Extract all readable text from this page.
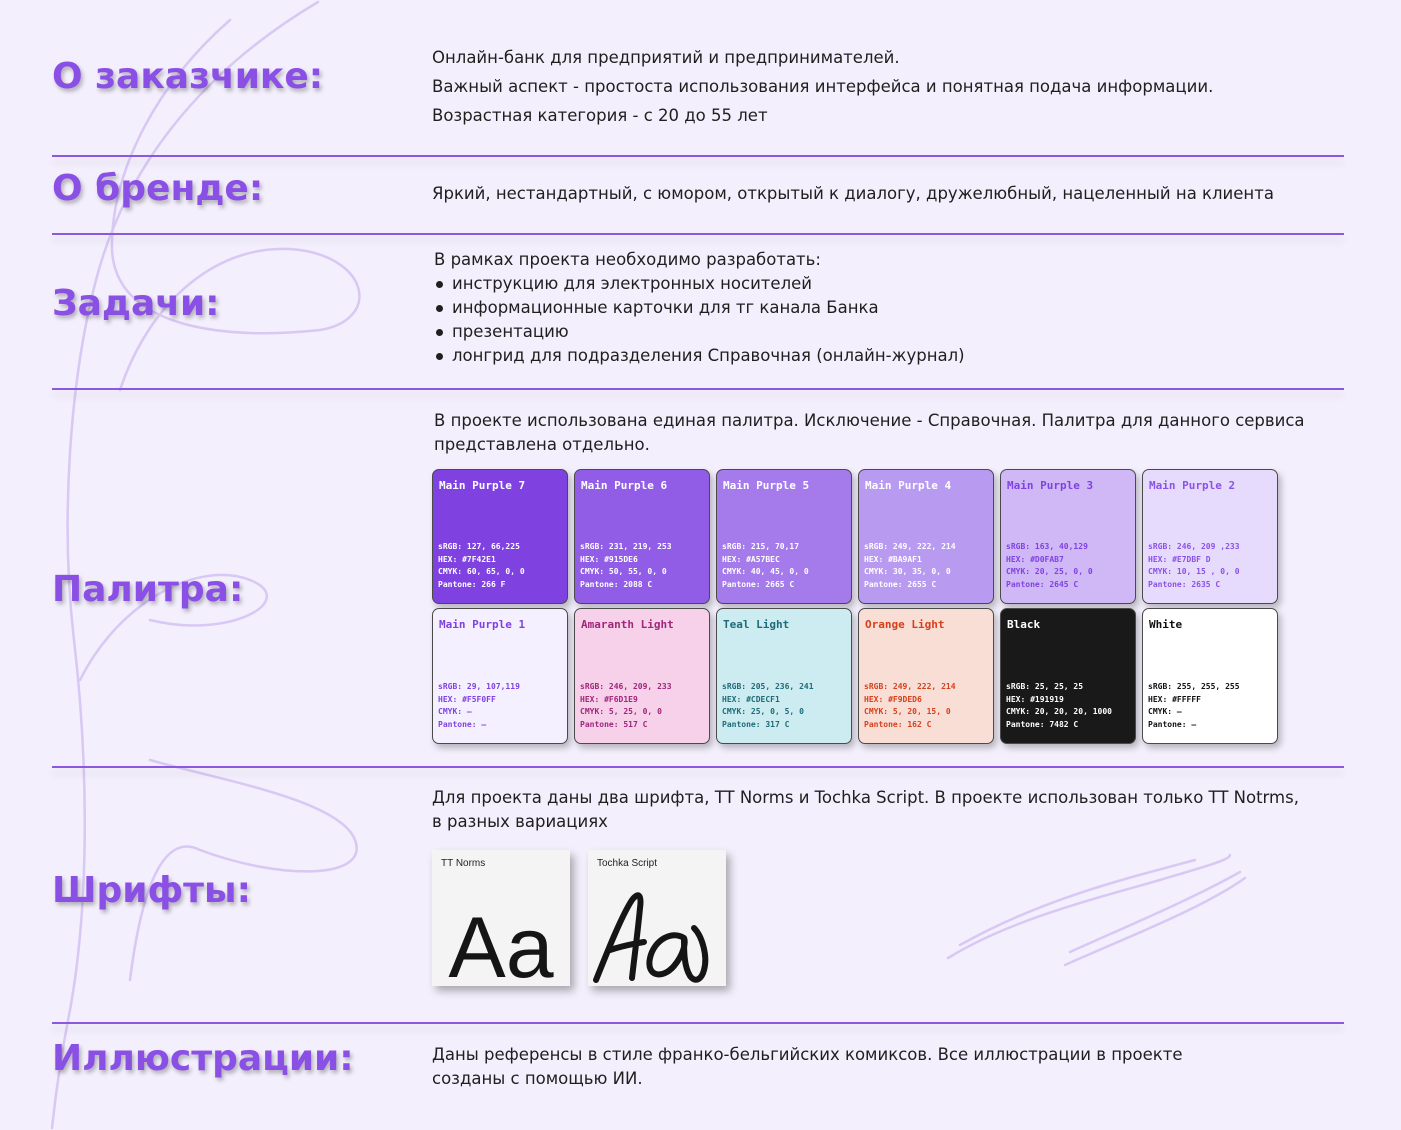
О заказчике:	Онлайн-банк для предприятий и предпринимателей.

Важный аспект - простоста использования интерфейса и понятная подача информации.

Возрастная категория - с 20 до 55 лет

О бренде:	Яркий, нестандартный, с юмором, открытый к диалогу, дружелюбный, нацеленный на клиента
Задачи:

В рамках проекта необходимо разработать:

инструкцию для электронных носителей
информационные карточки для тг канала Банка
презентацию
лонгрид для подразделения Справочная (онлайн-журнал)
Палитра:

В проекте использована единая палитра. Исключение - Справочная. Палитра для данного сервиса

представлена отдельно.

Main Purple 7
sRGB: 127, 66,225
HEX: #7F42E1
CMYK: 60, 65, 0, 0
Pantone: 266 F
Main Purple 6
sRGB: 231, 219, 253
HEX: #915DE6
CMYK: 50, 55, 0, 0
Pantone: 2088 C
Main Purple 5
sRGB: 215, 70,17
HEX: #A57BEC
CMYK: 40, 45, 0, 0
Pantone: 2665 C
Main Purple 4
sRGB: 249, 222, 214
HEX: #BA9AF1
CMYK: 30, 35, 0, 0
Pantone: 2655 C
Main Purple 3
sRGB: 163, 40,129
HEX: #D0FAB7
CMYK: 20, 25, 0, 0
Pantone: 2645 C
Main Purple 2
sRGB: 246, 209 ,233
HEX: #E7DBF D
CMYK: 10, 15 , 0, 0
Pantone: 2635 C
Main Purple 1
sRGB: 29, 107,119
HEX: #F5F0FF
CMYK: –
Pantone: –
Amaranth Light
sRGB: 246, 209, 233
HEX: #F6D1E9
CMYK: 5, 25, 0, 0
Pantone: 517 C
Teal Light
sRGB: 205, 236, 241
HEX: #CDECF1
CMYK: 25, 0, 5, 0
Pantone: 317 C
Orange Light
sRGB: 249, 222, 214
HEX: #F9DED6
CMYK: 5, 20, 15, 0
Pantone: 162 C
Black
sRGB: 25, 25, 25
HEX: #191919
CMYK: 20, 20, 20, 1000
Pantone: 7482 C
White
sRGB: 255, 255, 255
HEX: #FFFFF
CMYK: –
Pantone: –
Шрифты:

Для проекта даны два шрифта, TT Norms и Tochka Script. В проекте использован только TT Notrms,

в разных вариациях

TT Norms
Aa
Tochka Script
Иллюстрации:	Даны референсы в стиле франко-бельгийских комиксов. Все иллюстрации в проекте

созданы с помощью ИИ.
